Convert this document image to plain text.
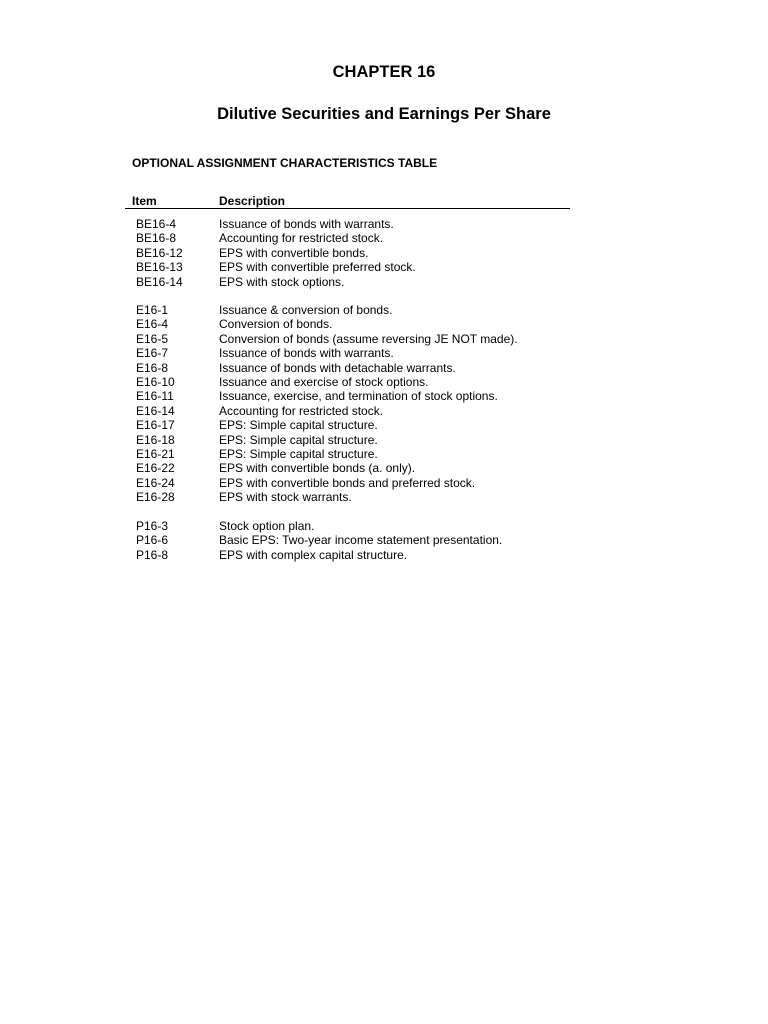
CHAPTER 16
Dilutive Securities and Earnings Per Share
OPTIONAL ASSIGNMENT CHARACTERISTICS TABLE
Item	Description
BE16-4	Issuance of bonds with warrants.
BE16-8	Accounting for restricted stock.
BE16-12	EPS with convertible bonds.
BE16-13	EPS with convertible preferred stock.
BE16-14	EPS with stock options.
E16-1	Issuance & conversion of bonds.
E16-4	Conversion of bonds.
E16-5	Conversion of bonds (assume reversing JE NOT made).
E16-7	Issuance of bonds with warrants.
E16-8	Issuance of bonds with detachable warrants.
E16-10	Issuance and exercise of stock options.
E16-11	Issuance, exercise, and termination of stock options.
E16-14	Accounting for restricted stock.
E16-17	EPS: Simple capital structure.
E16-18	EPS: Simple capital structure.
E16-21	EPS: Simple capital structure.
E16-22	EPS with convertible bonds (a. only).
E16-24	EPS with convertible bonds and preferred stock.
E16-28	EPS with stock warrants.
P16-3	Stock option plan.
P16-6	Basic EPS: Two-year income statement presentation.
P16-8	EPS with complex capital structure.
